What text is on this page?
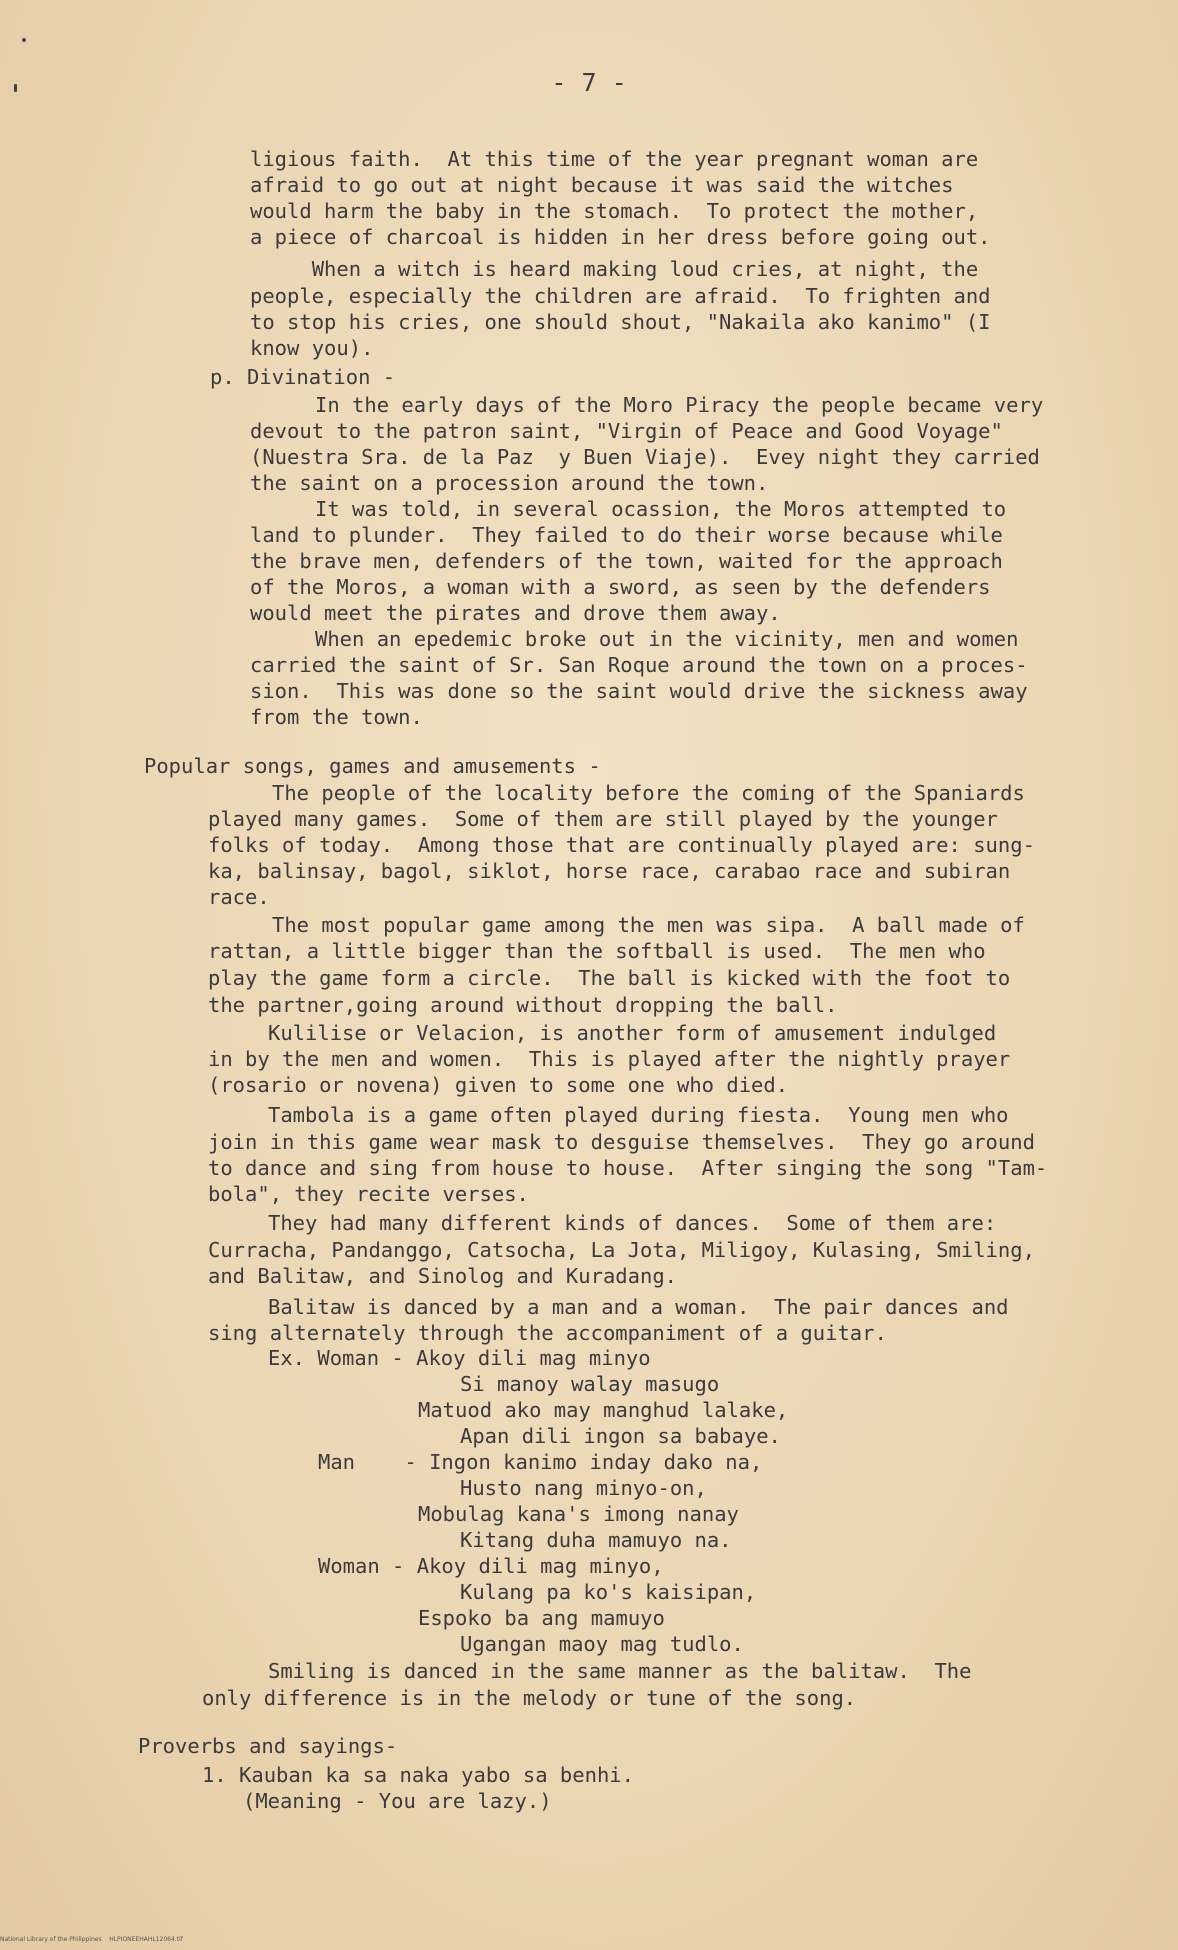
- 7 -
ligious faith.  At this time of the year pregnant woman are
afraid to go out at night because it was said the witches
would harm the baby in the stomach.  To protect the mother,
a piece of charcoal is hidden in her dress before going out.
When a witch is heard making loud cries, at night, the
people, especially the children are afraid.  To frighten and
to stop his cries, one should shout, "Nakaila ako kanimo" (I
know you).
p. Divination -
In the early days of the Moro Piracy the people became very
devout to the patron saint, "Virgin of Peace and Good Voyage"
(Nuestra Sra. de la Paz  y Buen Viaje).  Evey night they carried
the saint on a procession around the town.
It was told, in several ocassion, the Moros attempted to
land to plunder.  They failed to do their worse because while
the brave men, defenders of the town, waited for the approach
of the Moros, a woman with a sword, as seen by the defenders
would meet the pirates and drove them away.
When an epedemic broke out in the vicinity, men and women
carried the saint of Sr. San Roque around the town on a proces-
sion.  This was done so the saint would drive the sickness away
from the town.
Popular songs, games and amusements -
The people of the locality before the coming of the Spaniards
played many games.  Some of them are still played by the younger
folks of today.  Among those that are continually played are: sung-
ka, balinsay, bagol, siklot, horse race, carabao race and subiran
race.
The most popular game among the men was sipa.  A ball made of
rattan, a little bigger than the softball is used.  The men who
play the game form a circle.  The ball is kicked with the foot to
the partner,going around without dropping the ball.
Kulilise or Velacion, is another form of amusement indulged
in by the men and women.  This is played after the nightly prayer
(rosario or novena) given to some one who died.
Tambola is a game often played during fiesta.  Young men who
join in this game wear mask to desguise themselves.  They go around
to dance and sing from house to house.  After singing the song "Tam-
bola", they recite verses.
They had many different kinds of dances.  Some of them are:
Curracha, Pandanggo, Catsocha, La Jota, Miligoy, Kulasing, Smiling,
and Balitaw, and Sinolog and Kuradang.
Balitaw is danced by a man and a woman.  The pair dances and
sing alternately through the accompaniment of a guitar.
Ex. Woman - Akoy dili mag minyo
Si manoy walay masugo
Matuod ako may manghud lalake,
Apan dili ingon sa babaye.
Man    - Ingon kanimo inday dako na,
Husto nang minyo-on,
Mobulag kana's imong nanay
Kitang duha mamuyo na.
Woman - Akoy dili mag minyo,
Kulang pa ko's kaisipan,
Espoko ba ang mamuyo
Ugangan maoy mag tudlo.
Smiling is danced in the same manner as the balitaw.  The
only difference is in the melody or tune of the song.
Proverbs and sayings-
1. Kauban ka sa naka yabo sa benhi.
(Meaning - You are lazy.)
National Library of the Philippines    HLPIONEEHAHL12064.tif
